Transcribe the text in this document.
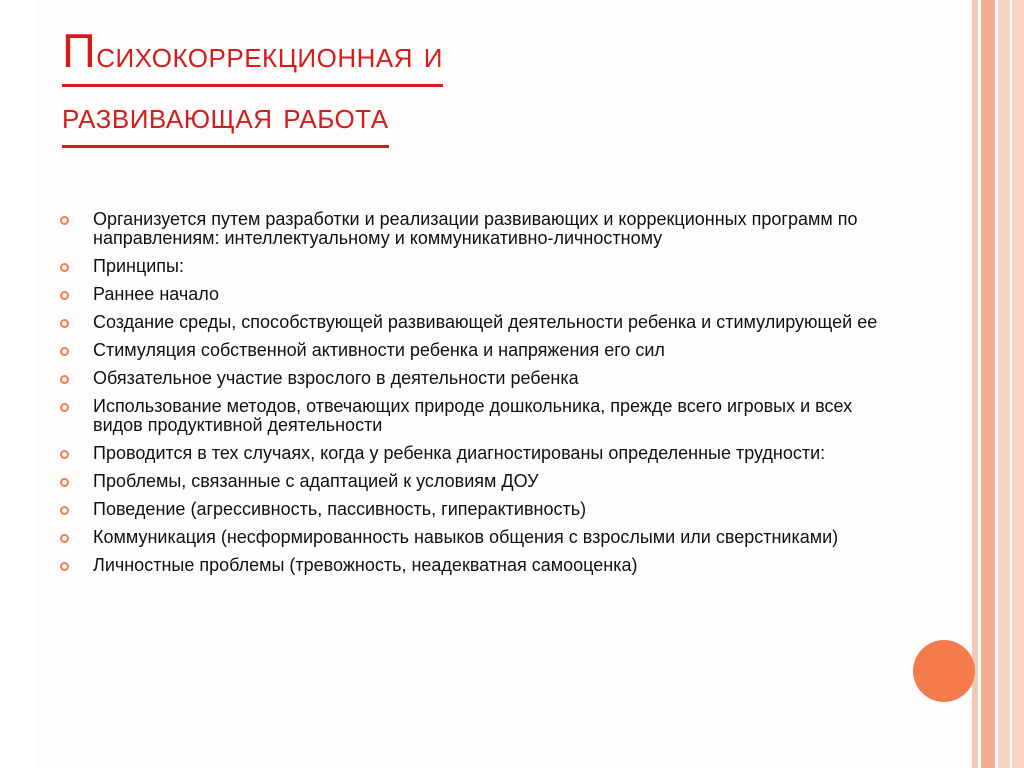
Психокоррекционная и
развивающая работа
Организуется путем разработки и реализации развивающих и коррекционных программ по направлениям: интеллектуальному и коммуникативно-личностному
Принципы:
Раннее начало
Создание среды, способствующей развивающей деятельности ребенка и стимулирующей ее
Стимуляция собственной активности ребенка и напряжения его сил
Обязательное участие взрослого в деятельности ребенка
Использование методов, отвечающих природе дошкольника, прежде всего игровых и всех видов продуктивной деятельности
Проводится в тех случаях, когда у ребенка диагностированы определенные трудности:
Проблемы, связанные с адаптацией к условиям ДОУ
Поведение (агрессивность, пассивность, гиперактивность)
Коммуникация (несформированность навыков общения с взрослыми или сверстниками)
Личностные проблемы (тревожность, неадекватная самооценка)
